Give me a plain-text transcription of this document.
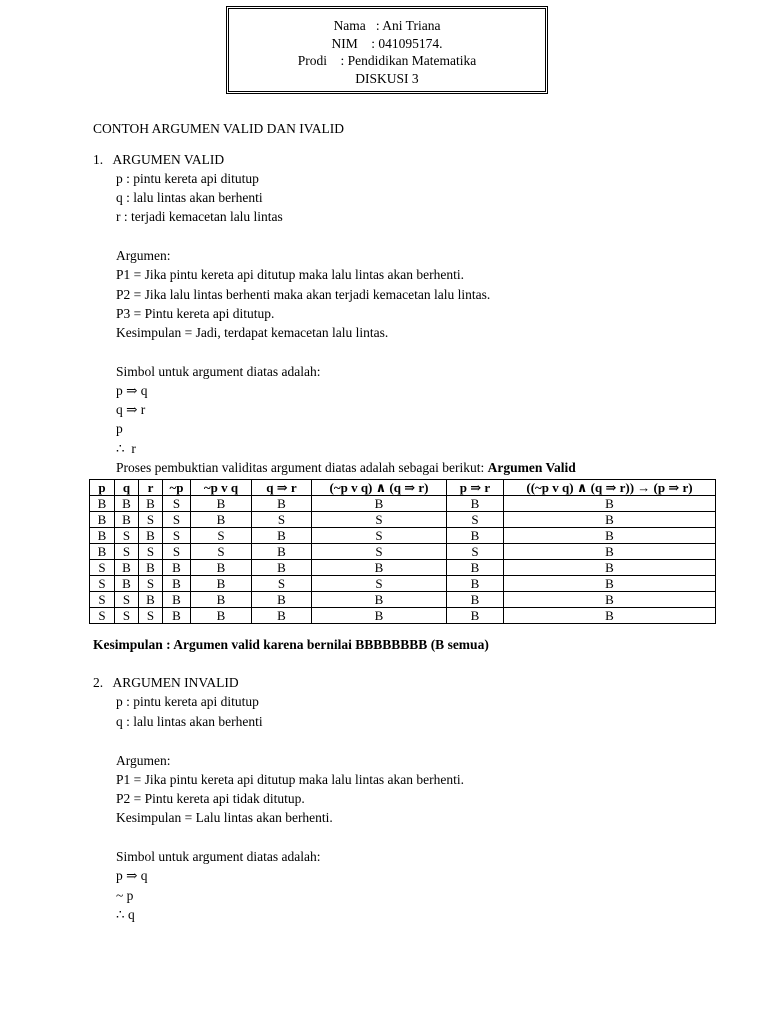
Nama   : Ani Triana
NIM    : 041095174.
Prodi    : Pendidikan Matematika
DISKUSI 3
CONTOH ARGUMEN VALID DAN IVALID
1.   ARGUMEN VALID
p : pintu kereta api ditutup
q : lalu lintas akan berhenti
r : terjadi kemacetan lalu lintas
Argumen:
P1 = Jika pintu kereta api ditutup maka lalu lintas akan berhenti.
P2 = Jika lalu lintas berhenti maka akan terjadi kemacetan lalu lintas.
P3 = Pintu kereta api ditutup.
Kesimpulan = Jadi, terdapat kemacetan lalu lintas.
Simbol untuk argument diatas adalah:
p ⇒ q
q ⇒ r
p
∴  r
Proses pembuktian validitas argument diatas adalah sebagai berikut: Argumen Valid
p	q	r	~p	~p v q	q ⇒ r	(~p v q) ∧ (q ⇒ r)	p ⇒ r	((~p v q) ∧ (q ⇒ r)) → (p ⇒ r)
B	B	B	S	B	B	B	B	B
B	B	S	S	B	S	S	S	B
B	S	B	S	S	B	S	B	B
B	S	S	S	S	B	S	S	B
S	B	B	B	B	B	B	B	B
S	B	S	B	B	S	S	B	B
S	S	B	B	B	B	B	B	B
S	S	S	B	B	B	B	B	B
Kesimpulan : Argumen valid karena bernilai BBBBBBBB (B semua)
2.   ARGUMEN INVALID
p : pintu kereta api ditutup
q : lalu lintas akan berhenti
Argumen:
P1 = Jika pintu kereta api ditutup maka lalu lintas akan berhenti.
P2 = Pintu kereta api tidak ditutup.
Kesimpulan = Lalu lintas akan berhenti.
Simbol untuk argument diatas adalah:
p ⇒ q
~ p
∴ q
